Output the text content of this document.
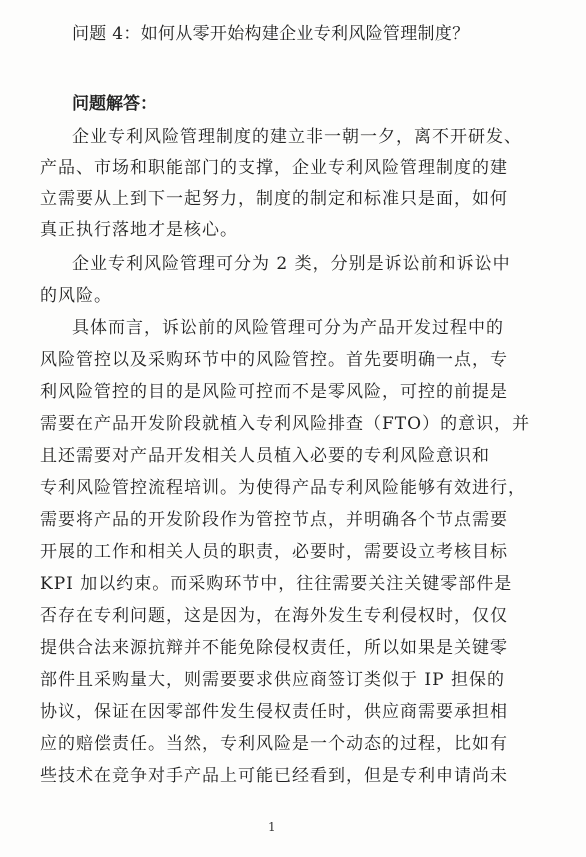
问题 4：如何从零开始构建企业专利风险管理制度？
问题解答：
企业专利风险管理制度的建立非一朝一夕，离不开研发、
产品、市场和职能部门的支撑，企业专利风险管理制度的建
立需要从上到下一起努力，制度的制定和标准只是面，如何
真正执行落地才是核心。
企业专利风险管理可分为 2 类，分别是诉讼前和诉讼中
的风险。
具体而言，诉讼前的风险管理可分为产品开发过程中的
风险管控以及采购环节中的风险管控。首先要明确一点，专
利风险管控的目的是风险可控而不是零风险，可控的前提是
需要在产品开发阶段就植入专利风险排查（FTO）的意识，并
且还需要对产品开发相关人员植入必要的专利风险意识和
专利风险管控流程培训。为使得产品专利风险能够有效进行，
需要将产品的开发阶段作为管控节点，并明确各个节点需要
开展的工作和相关人员的职责，必要时，需要设立考核目标
KPI 加以约束。而采购环节中，往往需要关注关键零部件是
否存在专利问题，这是因为，在海外发生专利侵权时，仅仅
提供合法来源抗辩并不能免除侵权责任，所以如果是关键零
部件且采购量大，则需要要求供应商签订类似于 IP 担保的
协议，保证在因零部件发生侵权责任时，供应商需要承担相
应的赔偿责任。当然，专利风险是一个动态的过程，比如有
些技术在竞争对手产品上可能已经看到，但是专利申请尚未
1
